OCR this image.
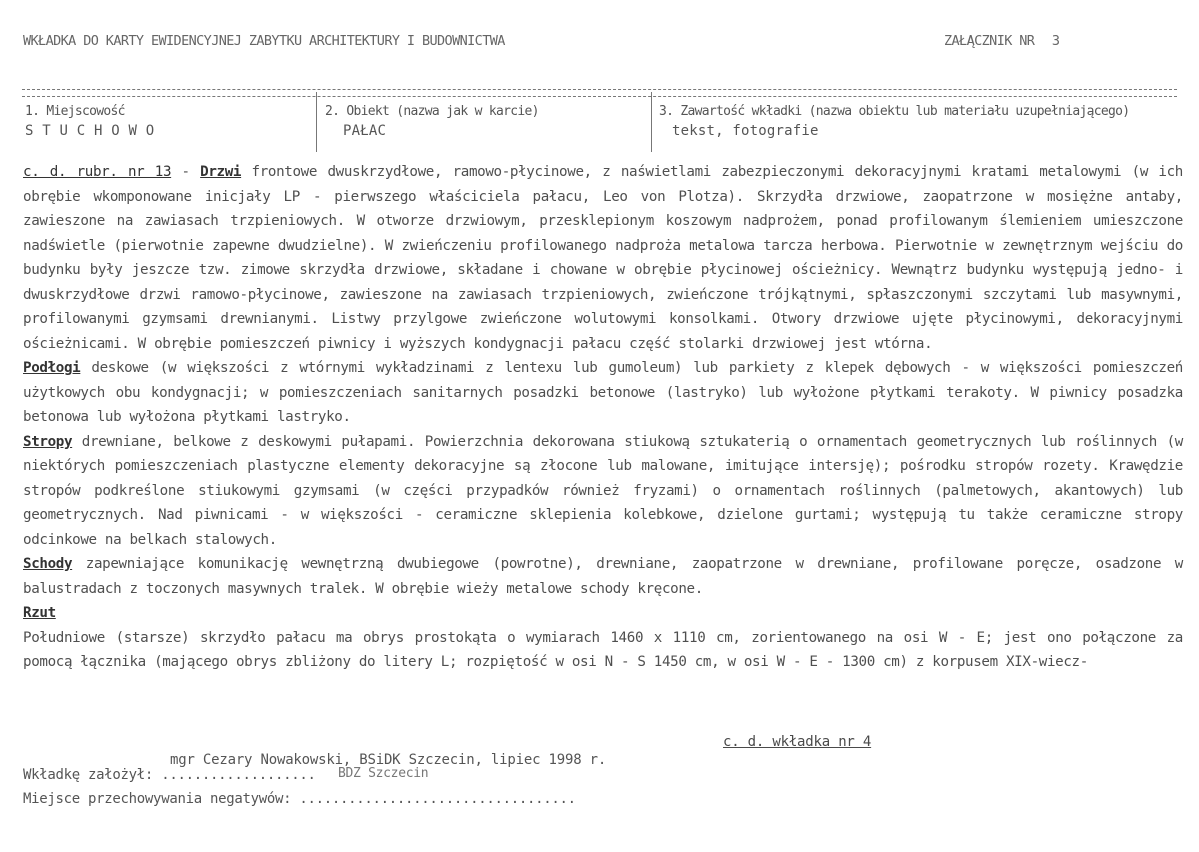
WKŁADKA DO KARTY EWIDENCYJNEJ ZABYTKU ARCHITEKTURY I BUDOWNICTWA	ZAŁĄCZNIK NR 3
1. Miejscowość
S T U C H O W O
2. Obiekt (nazwa jak w karcie)
PAŁAC
3. Zawartość wkładki (nazwa obiektu lub materiału uzupełniającego)
tekst, fotografie

c. d. rubr. nr 13 - Drzwi frontowe dwuskrzydłowe, ramowo-płycinowe, z naświetlami zabezpieczonymi dekoracyjnymi kratami metalowymi (w ich obrębie wkomponowane inicjały LP - pierwszego właściciela pałacu, Leo von Plotza). Skrzydła drzwiowe, zaopatrzone w mosiężne antaby, zawieszone na zawiasach trzpieniowych. W otworze drzwiowym, przesklepionym koszowym nadprożem, ponad profilowanym ślemieniem umieszczone nadświetle (pierwotnie zapewne dwudzielne). W zwieńczeniu profilowanego nadproża metalowa tarcza herbowa. Pierwotnie w zewnętrznym wejściu do budynku były jeszcze tzw. zimowe skrzydła drzwiowe, składane i chowane w obrębie płycinowej ościeżnicy. Wewnątrz budynku występują jedno- i dwuskrzydłowe drzwi ramowo-płycinowe, zawieszone na zawiasach trzpieniowych, zwieńczone trójkątnymi, spłaszczonymi szczytami lub masywnymi, profilowanymi gzymsami drewnianymi. Listwy przylgowe zwieńczone wolutowymi konsolkami. Otwory drzwiowe ujęte płycinowymi, dekoracyjnymi ościeżnicami. W obrębie pomieszczeń piwnicy i wyższych kondygnacji pałacu część stolarki drzwiowej jest wtórna.

Podłogi deskowe (w większości z wtórnymi wykładzinami z lentexu lub gumoleum) lub parkiety z klepek dębowych - w większości pomieszczeń użytkowych obu kondygnacji; w pomieszczeniach sanitarnych posadzki betonowe (lastryko) lub wyłożone płytkami terakoty. W piwnicy posadzka betonowa lub wyłożona płytkami lastryko.

Stropy drewniane, belkowe z deskowymi pułapami. Powierzchnia dekorowana stiukową sztukaterią o ornamentach geometrycznych lub roślinnych (w niektórych pomieszczeniach plastyczne elementy dekoracyjne są złocone lub malowane, imitujące intersję); pośrodku stropów rozety. Krawędzie stropów podkreślone stiukowymi gzymsami (w części przypadków również fryzami) o ornamentach roślinnych (palmetowych, akantowych) lub geometrycznych. Nad piwnicami - w większości - ceramiczne sklepienia kolebkowe, dzielone gurtami; występują tu także ceramiczne stropy odcinkowe na belkach stalowych.

Schody zapewniające komunikację wewnętrzną dwubiegowe (powrotne), drewniane, zaopatrzone w drewniane, profilowane poręcze, osadzone w balustradach z toczonych masywnych tralek. W obrębie wieży metalowe schody kręcone.

Rzut

Południowe (starsze) skrzydło pałacu ma obrys prostokąta o wymiarach 1460 x 1110 cm, zorientowanego na osi W - E; jest ono połączone za pomocą łącznika (mającego obrys zbliżony do litery L; rozpiętość w osi N - S 1450 cm, w osi W - E - 1300 cm) z korpusem XIX-wiecz-

c. d. wkładka nr 4
mgr Cezary Nowakowski, BSiDK Szczecin, lipiec 1998 r.
BDZ Szczecin
Wkładkę założył: ...................
Miejsce przechowywania negatywów: ..................................
